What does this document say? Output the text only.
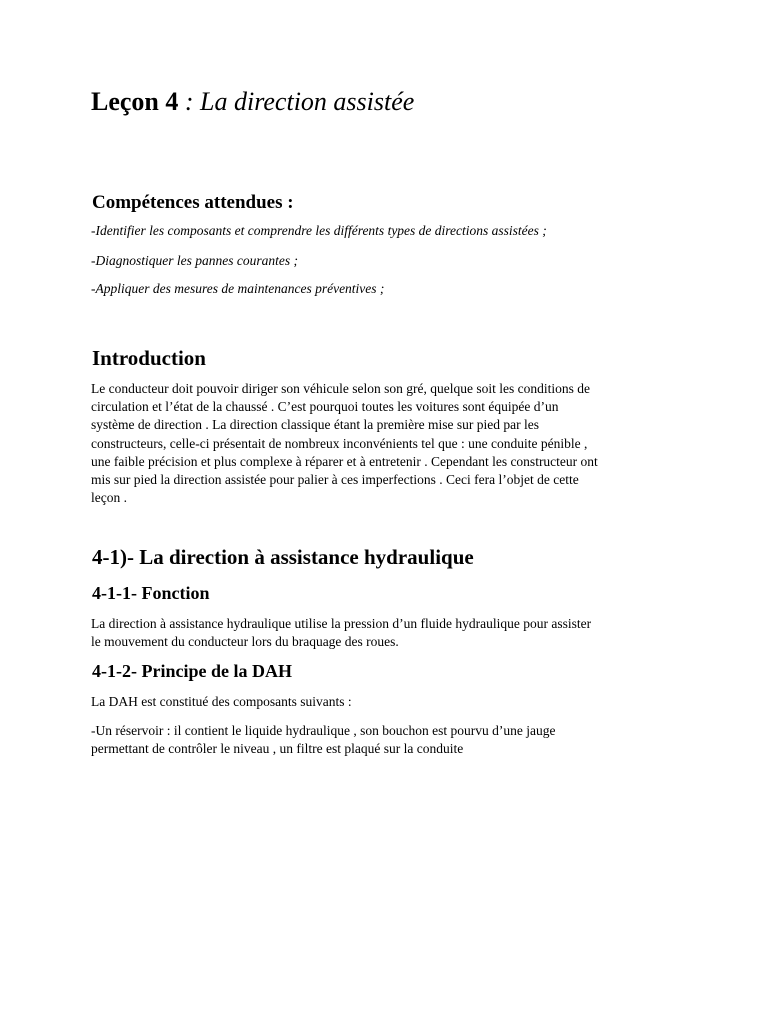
Leçon 4 : La direction assistée
Compétences attendues :

-Identifier les composants et comprendre les différents types de directions assistées ;

-Diagnostiquer les pannes courantes ;

-Appliquer des mesures de maintenances préventives ;

Introduction

Le conducteur doit pouvoir diriger son véhicule selon son gré, quelque soit les conditions de
circulation et l’état de la chaussé . C’est pourquoi toutes les voitures sont équipée d’un
système de direction . La direction classique étant la première mise sur pied par les
constructeurs, celle-ci présentait de nombreux inconvénients tel que : une conduite pénible ,
une faible précision et plus complexe à réparer et à entretenir . Cependant les constructeur ont
mis sur pied la direction assistée pour palier à ces imperfections . Ceci fera l’objet de cette
leçon .

4-1)- La direction à assistance hydraulique
4-1-1- Fonction

La direction à assistance hydraulique utilise la pression d’un fluide hydraulique pour assister
le mouvement du conducteur lors du braquage des roues.

4-1-2- Principe de la DAH

La DAH est constitué des composants suivants :

-Un réservoir : il contient le liquide hydraulique , son bouchon est pourvu d’une jauge
permettant de contrôler le niveau , un filtre est plaqué sur la conduite
